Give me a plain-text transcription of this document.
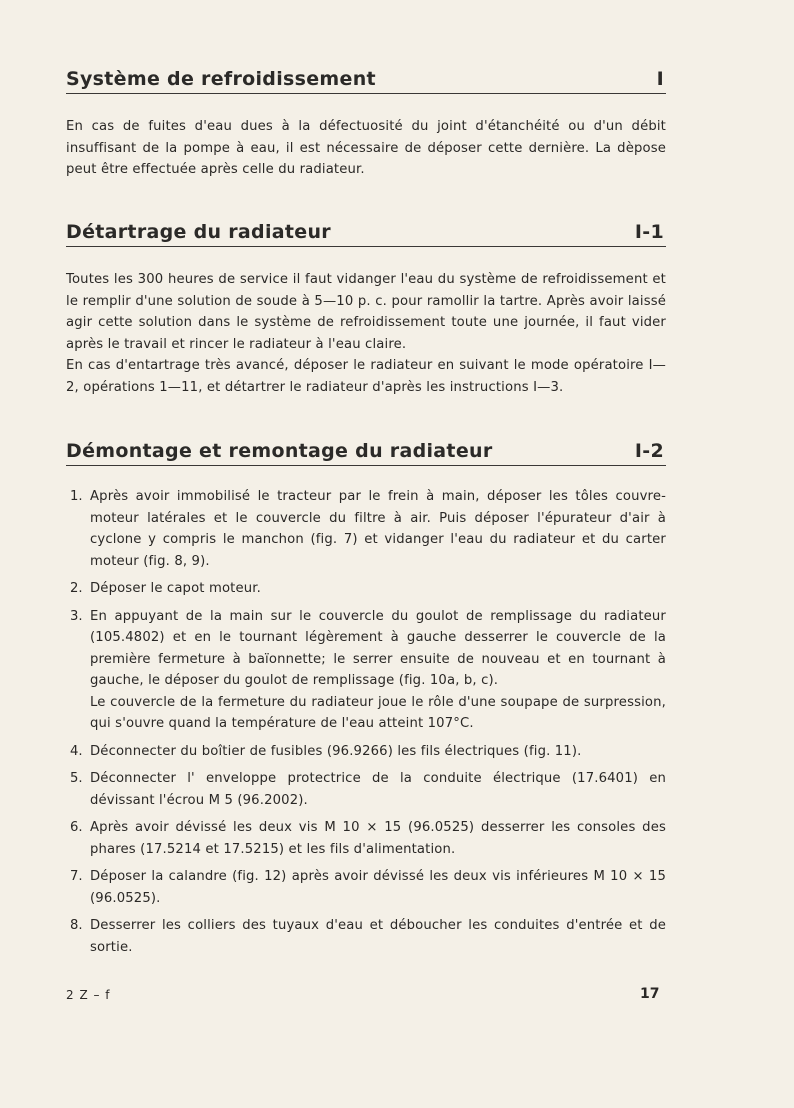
Système de refroidissement	I

En cas de fuites d'eau dues à la défectuosité du joint d'étanchéité ou d'un débit insuffisant de la pompe à eau, il est nécessaire de déposer cette dernière. La dèpose peut être effectuée après celle du radiateur.

Détartrage du radiateur	I-1

Toutes les 300 heures de service il faut vidanger l'eau du système de refroidissement et le remplir d'une solution de soude à 5—10 p. c. pour ramollir la tartre. Après avoir laissé agir cette solution dans le système de refroidissement toute une journée, il faut vider après le travail et rincer le radiateur à l'eau claire.

En cas d'entartrage très avancé, déposer le radiateur en suivant le mode opératoire I—2, opérations 1—11, et détartrer le radiateur d'après les instructions I—3.

Démontage et remontage du radiateur	I-2
1. Après avoir immobilisé le tracteur par le frein à main, déposer les tôles couvre-moteur latérales et le couvercle du filtre à air. Puis déposer l'épurateur d'air à cyclone y compris le manchon (fig. 7) et vidanger l'eau du radiateur et du carter moteur (fig. 8, 9).
2. Déposer le capot moteur.
3. En appuyant de la main sur le couvercle du goulot de remplissage du radiateur (105.4802) et en le tournant légèrement à gauche desserrer le couvercle de la première fermeture à baïonnette; le serrer ensuite de nouveau et en tournant à gauche, le déposer du goulot de remplissage (fig. 10a, b, c).
Le couvercle de la fermeture du radiateur joue le rôle d'une soupape de surpression, qui s'ouvre quand la température de l'eau atteint 107°C.
4. Déconnecter du boîtier de fusibles (96.9266) les fils électriques (fig. 11).
5. Déconnecter l' enveloppe protectrice de la conduite électrique (17.6401) en dévissant l'écrou M 5 (96.2002).
6. Après avoir dévissé les deux vis M 10 × 15 (96.0525) desserrer les consoles des phares (17.5214 et 17.5215) et les fils d'alimentation.
7. Déposer la calandre (fig. 12) après avoir dévissé les deux vis inférieures M 10 × 15 (96.0525).
8. Desserrer les colliers des tuyaux d'eau et déboucher les conduites d'entrée et de sortie.
2 Z – f	17
